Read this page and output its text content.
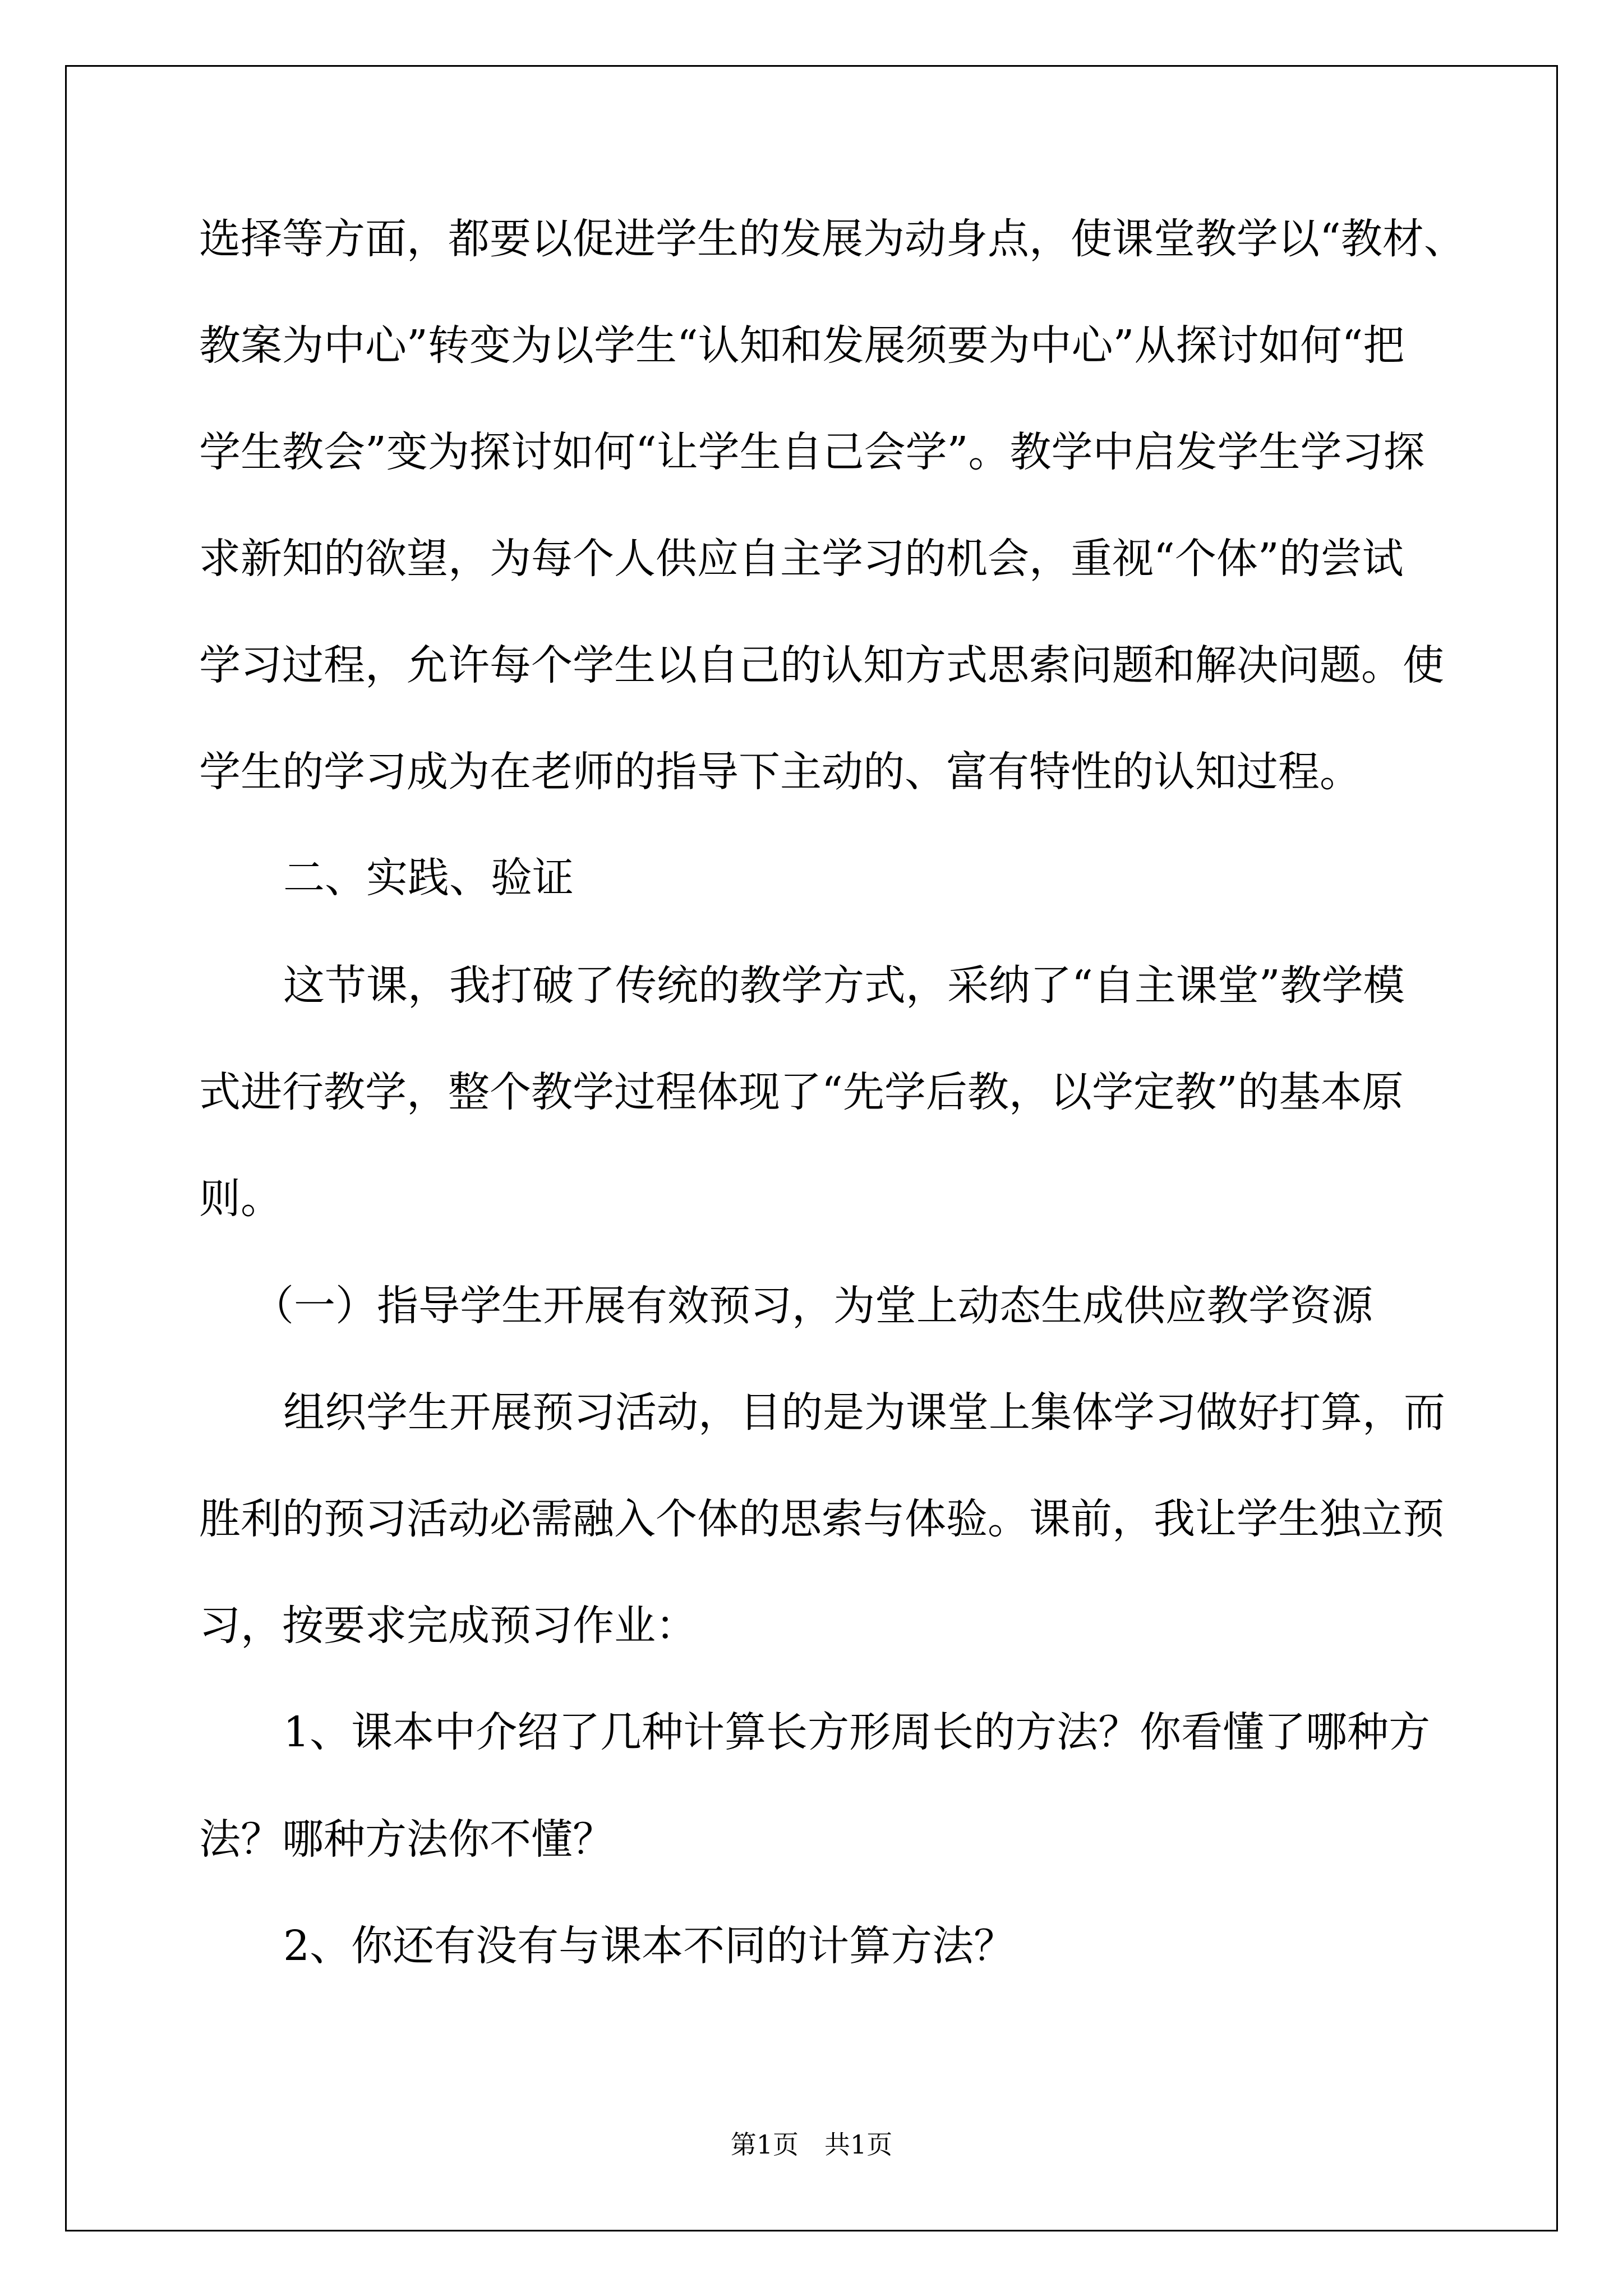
选择等方面，都要以促进学生的发展为动身点，使课堂教学以“教材、
教案为中心”转变为以学生“认知和发展须要为中心”从探讨如何“把
学生教会”变为探讨如何“让学生自己会学”。教学中启发学生学习探
求新知的欲望，为每个人供应自主学习的机会，重视“个体”的尝试
学习过程，允许每个学生以自己的认知方式思索问题和解决问题。使
学生的学习成为在老师的指导下主动的、富有特性的认知过程。
二、实践、验证
这节课，我打破了传统的教学方式，采纳了“自主课堂”教学模
式进行教学，整个教学过程体现了“先学后教，以学定教”的基本原
则。
（一）指导学生开展有效预习，为堂上动态生成供应教学资源
组织学生开展预习活动，目的是为课堂上集体学习做好打算，而
胜利的预习活动必需融入个体的思索与体验。课前，我让学生独立预
习，按要求完成预习作业：
1、课本中介绍了几种计算长方形周长的方法？你看懂了哪种方
法？哪种方法你不懂？
2、你还有没有与课本不同的计算方法？
第1页　共1页
